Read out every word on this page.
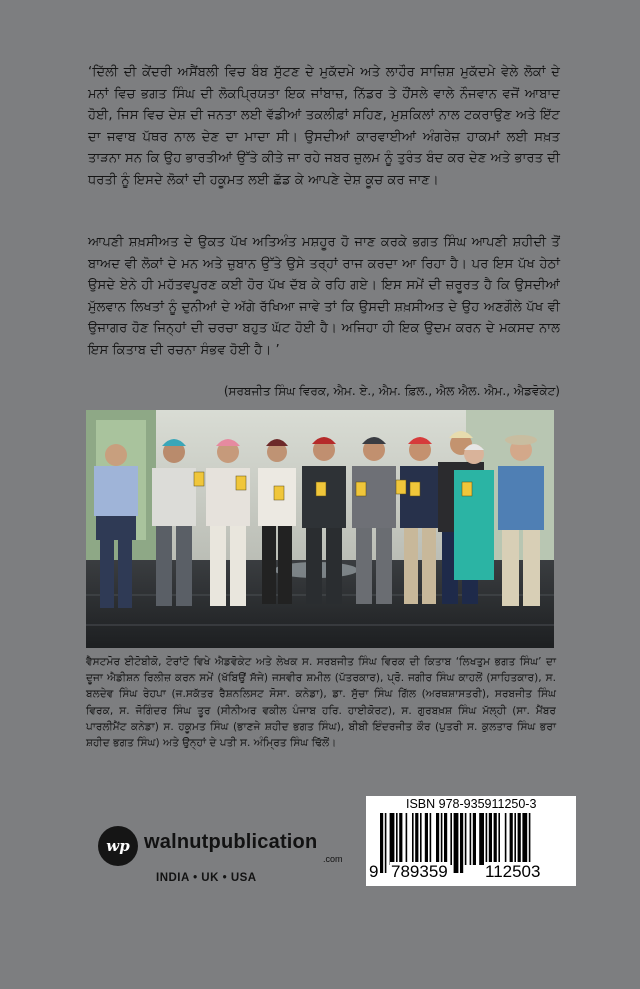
‘ਦਿੱਲੀ ਦੀ ਕੇਂਦਰੀ ਅਸੈਂਬਲੀ ਵਿਚ ਬੰਬ ਸੁੱਟਣ ਦੇ ਮੁਕੱਦਮੇ ਅਤੇ ਲਾਹੌਰ ਸਾਜ਼ਿਸ਼ ਮੁਕੱਦਮੇ ਵੇਲੇ ਲੋਕਾਂ ਦੇ ਮਨਾਂ ਵਿਚ ਭਗਤ ਸਿੰਘ ਦੀ ਲੋਕਪ੍ਰਿਯਤਾ ਇਕ ਜਾਂਬਾਜ਼, ਨਿੱਡਰ ਤੇ ਹੌਂਸਲੇ ਵਾਲੇ ਨੌਜਵਾਨ ਵਜੋਂ ਆਬਾਦ ਹੋਈ, ਜਿਸ ਵਿਚ ਦੇਸ਼ ਦੀ ਜਨਤਾ ਲਈ ਵੱਡੀਆਂ ਤਕਲੀਫ਼ਾਂ ਸਹਿਣ, ਮੁਸ਼ਕਿਲਾਂ ਨਾਲ ਟਕਰਾਉਣ ਅਤੇ ਇੱਟ ਦਾ ਜਵਾਬ ਪੱਥਰ ਨਾਲ ਦੇਣ ਦਾ ਮਾਦਾ ਸੀ। ਉਸਦੀਆਂ ਕਾਰਵਾਈਆਂ ਅੰਗਰੇਜ਼ ਹਾਕਮਾਂ ਲਈ ਸਖ਼ਤ ਤਾੜਨਾ ਸਨ ਕਿ ਉਹ ਭਾਰਤੀਆਂ ਉੱਤੇ ਕੀਤੇ ਜਾ ਰਹੇ ਜਬਰ ਜ਼ੁਲਮ ਨੂੰ ਤੁਰੰਤ ਬੰਦ ਕਰ ਦੇਣ ਅਤੇ ਭਾਰਤ ਦੀ ਧਰਤੀ ਨੂੰ ਇਸਦੇ ਲੋਕਾਂ ਦੀ ਹਕੂਮਤ ਲਈ ਛੱਡ ਕੇ ਆਪਣੇ ਦੇਸ਼ ਕੂਚ ਕਰ ਜਾਣ।

ਆਪਣੀ ਸ਼ਖ਼ਸੀਅਤ ਦੇ ਉਕਤ ਪੱਖ ਅਤਿਅੰਤ ਮਸ਼ਹੂਰ ਹੋ ਜਾਣ ਕਰਕੇ ਭਗਤ ਸਿੰਘ ਆਪਣੀ ਸ਼ਹੀਦੀ ਤੋਂ ਬਾਅਦ ਵੀ ਲੋਕਾਂ ਦੇ ਮਨ ਅਤੇ ਜ਼ੁਬਾਨ ਉੱਤੇ ਉਸੇ ਤਰ੍ਹਾਂ ਰਾਜ ਕਰਦਾ ਆ ਰਿਹਾ ਹੈ। ਪਰ ਇਸ ਪੱਖ ਹੇਠਾਂ ਉਸਦੇ ਏਨੇ ਹੀ ਮਹੱਤਵਪੂਰਣ ਕਈ ਹੋਰ ਪੱਖ ਦੱਬ ਕੇ ਰਹਿ ਗਏ। ਇਸ ਸਮੇਂ ਦੀ ਜ਼ਰੂਰਤ ਹੈ ਕਿ ਉਸਦੀਆਂ ਮੁੱਲਵਾਨ ਲਿਖਤਾਂ ਨੂੰ ਦੁਨੀਆਂ ਦੇ ਅੱਗੇ ਰੱਖਿਆ ਜਾਵੇ ਤਾਂ ਕਿ ਉਸਦੀ ਸ਼ਖ਼ਸੀਅਤ ਦੇ ਉਹ ਅਣਗੌਲੇ ਪੱਖ ਵੀ ਉਜਾਗਰ ਹੋਣ ਜਿਨ੍ਹਾਂ ਦੀ ਚਰਚਾ ਬਹੁਤ ਘੱਟ ਹੋਈ ਹੈ। ਅਜਿਹਾ ਹੀ ਇਕ ਉਦਮ ਕਰਨ ਦੇ ਮਕਸਦ ਨਾਲ ਇਸ ਕਿਤਾਬ ਦੀ ਰਚਨਾ ਸੰਭਵ ਹੋਈ ਹੈ। ’

(ਸਰਬਜੀਤ ਸਿੰਘ ਵਿਰਕ, ਐਮ. ਏ., ਐਮ. ਫ਼ਿਲ., ਐਲ ਐਲ. ਐਮ., ਐਡਵੋਕੇਟ)

ਵੈਸਟਮੋਰ ਈਟੋਬੀਕੋ, ਟੋਰਾਂਟੋ ਵਿਖੇ ਐਡਵੋਕੇਟ ਅਤੇ ਲੇਖਕ ਸ. ਸਰਬਜੀਤ ਸਿੰਘ ਵਿਰਕ ਦੀ ਕਿਤਾਬ ‘ਲਿਖਤੁਮ ਭਗਤ ਸਿੰਘ’ ਦਾ ਦੂਜਾ ਐਡੀਸ਼ਨ ਰਿਲੀਜ਼ ਕਰਨ ਸਮੇਂ (ਖੱਬਿਉਂ ਸੱਜੇ) ਜਸਵੀਰ ਸ਼ਮੀਲ (ਪੱਤਰਕਾਰ), ਪ੍ਰੋ. ਜਗੀਰ ਸਿੰਘ ਕਾਹਲੋਂ (ਸਾਹਿਤਕਾਰ), ਸ. ਬਲਦੇਵ ਸਿੰਘ ਰੇਹਪਾ (ਜ.ਸਕੱਤਰ ਰੈਸ਼ਨਲਿਸਟ ਸੋਸਾ. ਕਨੇਡਾ), ਡਾ. ਸੁੱਚਾ ਸਿੰਘ ਗਿੱਲ (ਅਰਥਸ਼ਾਸਤਰੀ), ਸਰਬਜੀਤ ਸਿੰਘ ਵਿਰਕ, ਸ. ਜੋਗਿੰਦਰ ਸਿੰਘ ਤੂਰ (ਸੀਨੀਅਰ ਵਕੀਲ ਪੰਜਾਬ ਹਰਿ. ਹਾਈਕੋਰਟ), ਸ. ਗੁਰਬਖ਼ਸ਼ ਸਿੰਘ ਮੱਲ੍ਹੀ (ਸਾ. ਮੈਂਬਰ ਪਾਰਲੀਮੈਂਟ ਕਨੇਡਾ) ਸ. ਹਕੂਮਤ ਸਿੰਘ (ਭਾਣਜੇ ਸ਼ਹੀਦ ਭਗਤ ਸਿੰਘ), ਬੀਬੀ ਇੰਦਰਜੀਤ ਕੌਰ (ਪੁਤਰੀ ਸ. ਕੁਲਤਾਰ ਸਿੰਘ ਭਰਾ ਸ਼ਹੀਦ ਭਗਤ ਸਿੰਘ) ਅਤੇ ਉਨ੍ਹਾਂ ਦੇ ਪਤੀ ਸ. ਅੰਮ੍ਰਿਤ ਸਿੰਘ ਢਿੱਲੋਂ।

wp walnutpublication
.com
INDIA • UK • USA
ISBN 978-935911250-3
9 789359 112503
